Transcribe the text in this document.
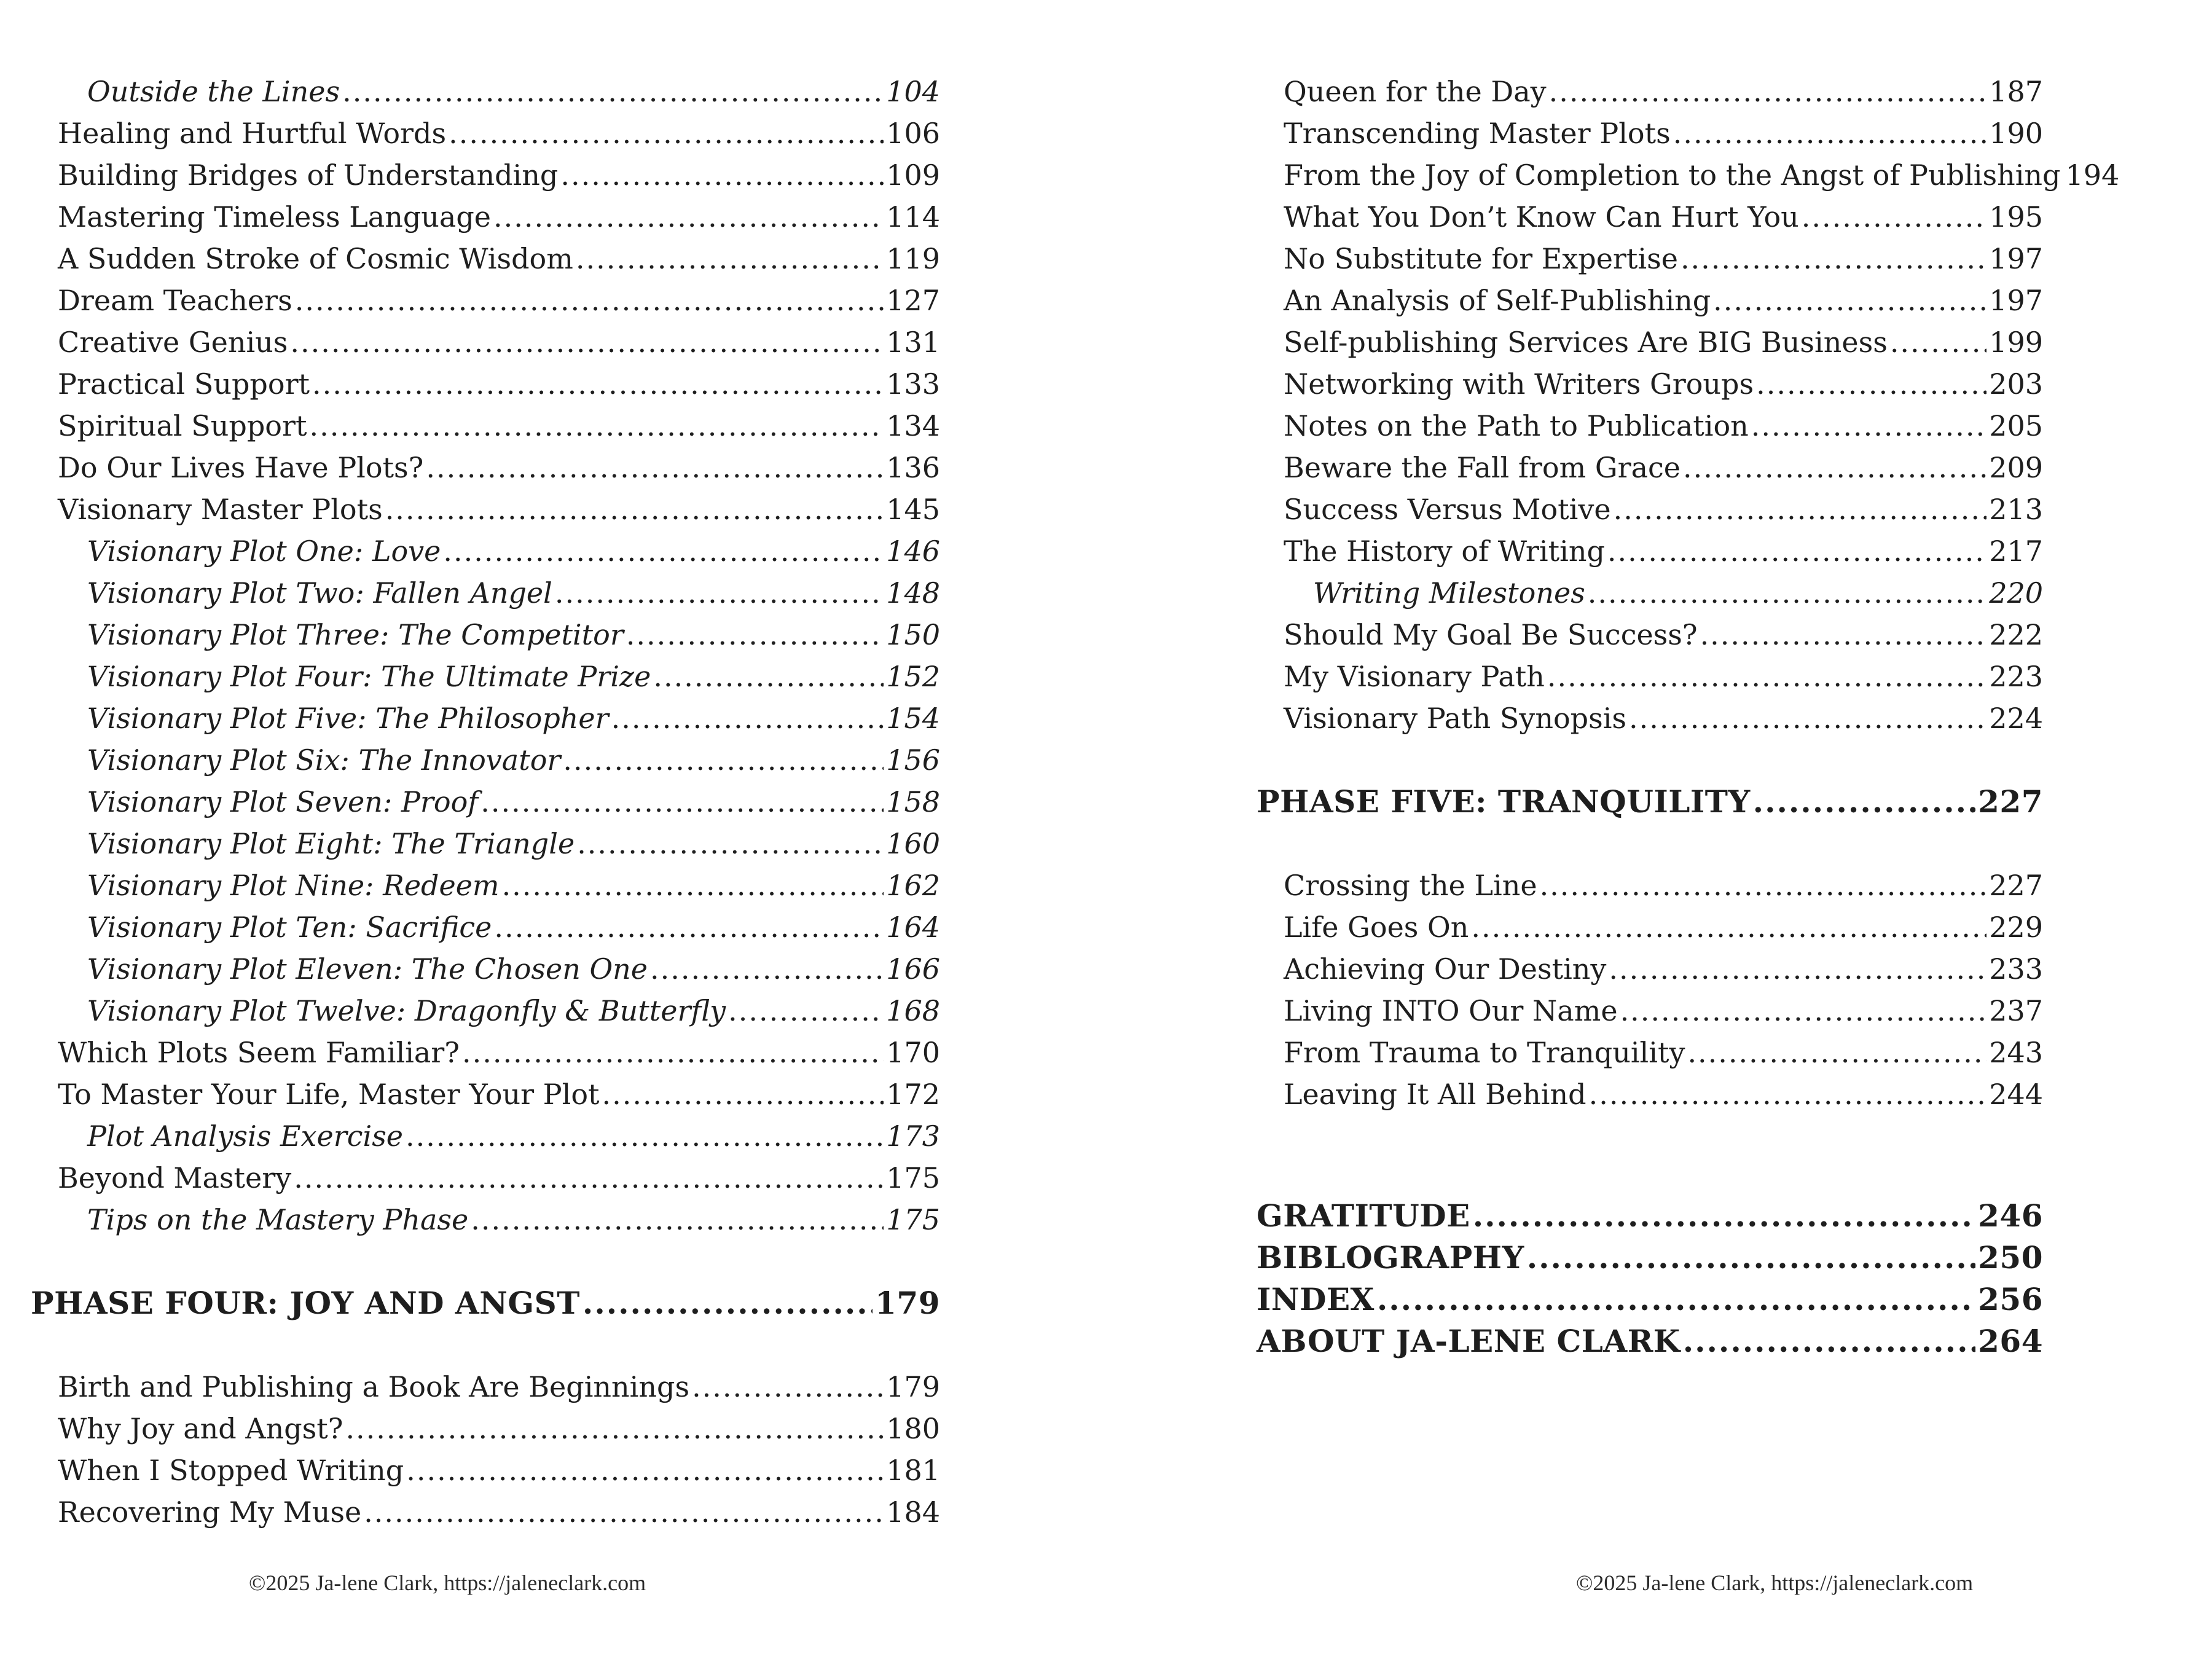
Outside the Lines .....	104
Healing and Hurtful Words .....	106
Building Bridges of Understanding .....	109
Mastering Timeless Language .....	114
A Sudden Stroke of Cosmic Wisdom .....	119
Dream Teachers .....	127
Creative Genius .....	131
Practical Support .....	133
Spiritual Support .....	134
Do Our Lives Have Plots? .....	136
Visionary Master Plots .....	145
Visionary Plot One: Love .....	146
Visionary Plot Two: Fallen Angel .....	148
Visionary Plot Three: The Competitor .....	150
Visionary Plot Four: The Ultimate Prize .....	152
Visionary Plot Five: The Philosopher .....	154
Visionary Plot Six: The Innovator .....	156
Visionary Plot Seven: Proof .....	158
Visionary Plot Eight: The Triangle .....	160
Visionary Plot Nine: Redeem .....	162
Visionary Plot Ten: Sacrifice .....	164
Visionary Plot Eleven: The Chosen One .....	166
Visionary Plot Twelve: Dragonfly & Butterfly .....	168
Which Plots Seem Familiar? .....	170
To Master Your Life, Master Your Plot .....	172
Plot Analysis Exercise .....	173
Beyond Mastery .....	175
Tips on the Mastery Phase .....	175
PHASE FOUR: JOY AND ANGST .....	179
Birth and Publishing a Book Are Beginnings .....	179
Why Joy and Angst? .....	180
When I Stopped Writing .....	181
Recovering My Muse .....	184
©2025 Ja-lene Clark, https://jaleneclark.com
Queen for the Day .....	187
Transcending Master Plots .....	190
From the Joy of Completion to the Angst of Publishing 194
What You Don’t Know Can Hurt You .....	195
No Substitute for Expertise .....	197
An Analysis of Self-Publishing .....	197
Self-publishing Services Are BIG Business .....	199
Networking with Writers Groups .....	203
Notes on the Path to Publication .....	205
Beware the Fall from Grace .....	209
Success Versus Motive .....	213
The History of Writing .....	217
Writing Milestones .....	220
Should My Goal Be Success? .....	222
My Visionary Path .....	223
Visionary Path Synopsis .....	224
PHASE FIVE: TRANQUILITY .....	227
Crossing the Line .....	227
Life Goes On .....	229
Achieving Our Destiny .....	233
Living INTO Our Name .....	237
From Trauma to Tranquility .....	243
Leaving It All Behind .....	244
GRATITUDE .....	246
BIBLOGRAPHY .....	250
INDEX .....	256
ABOUT JA-LENE CLARK .....	264
©2025 Ja-lene Clark, https://jaleneclark.com
